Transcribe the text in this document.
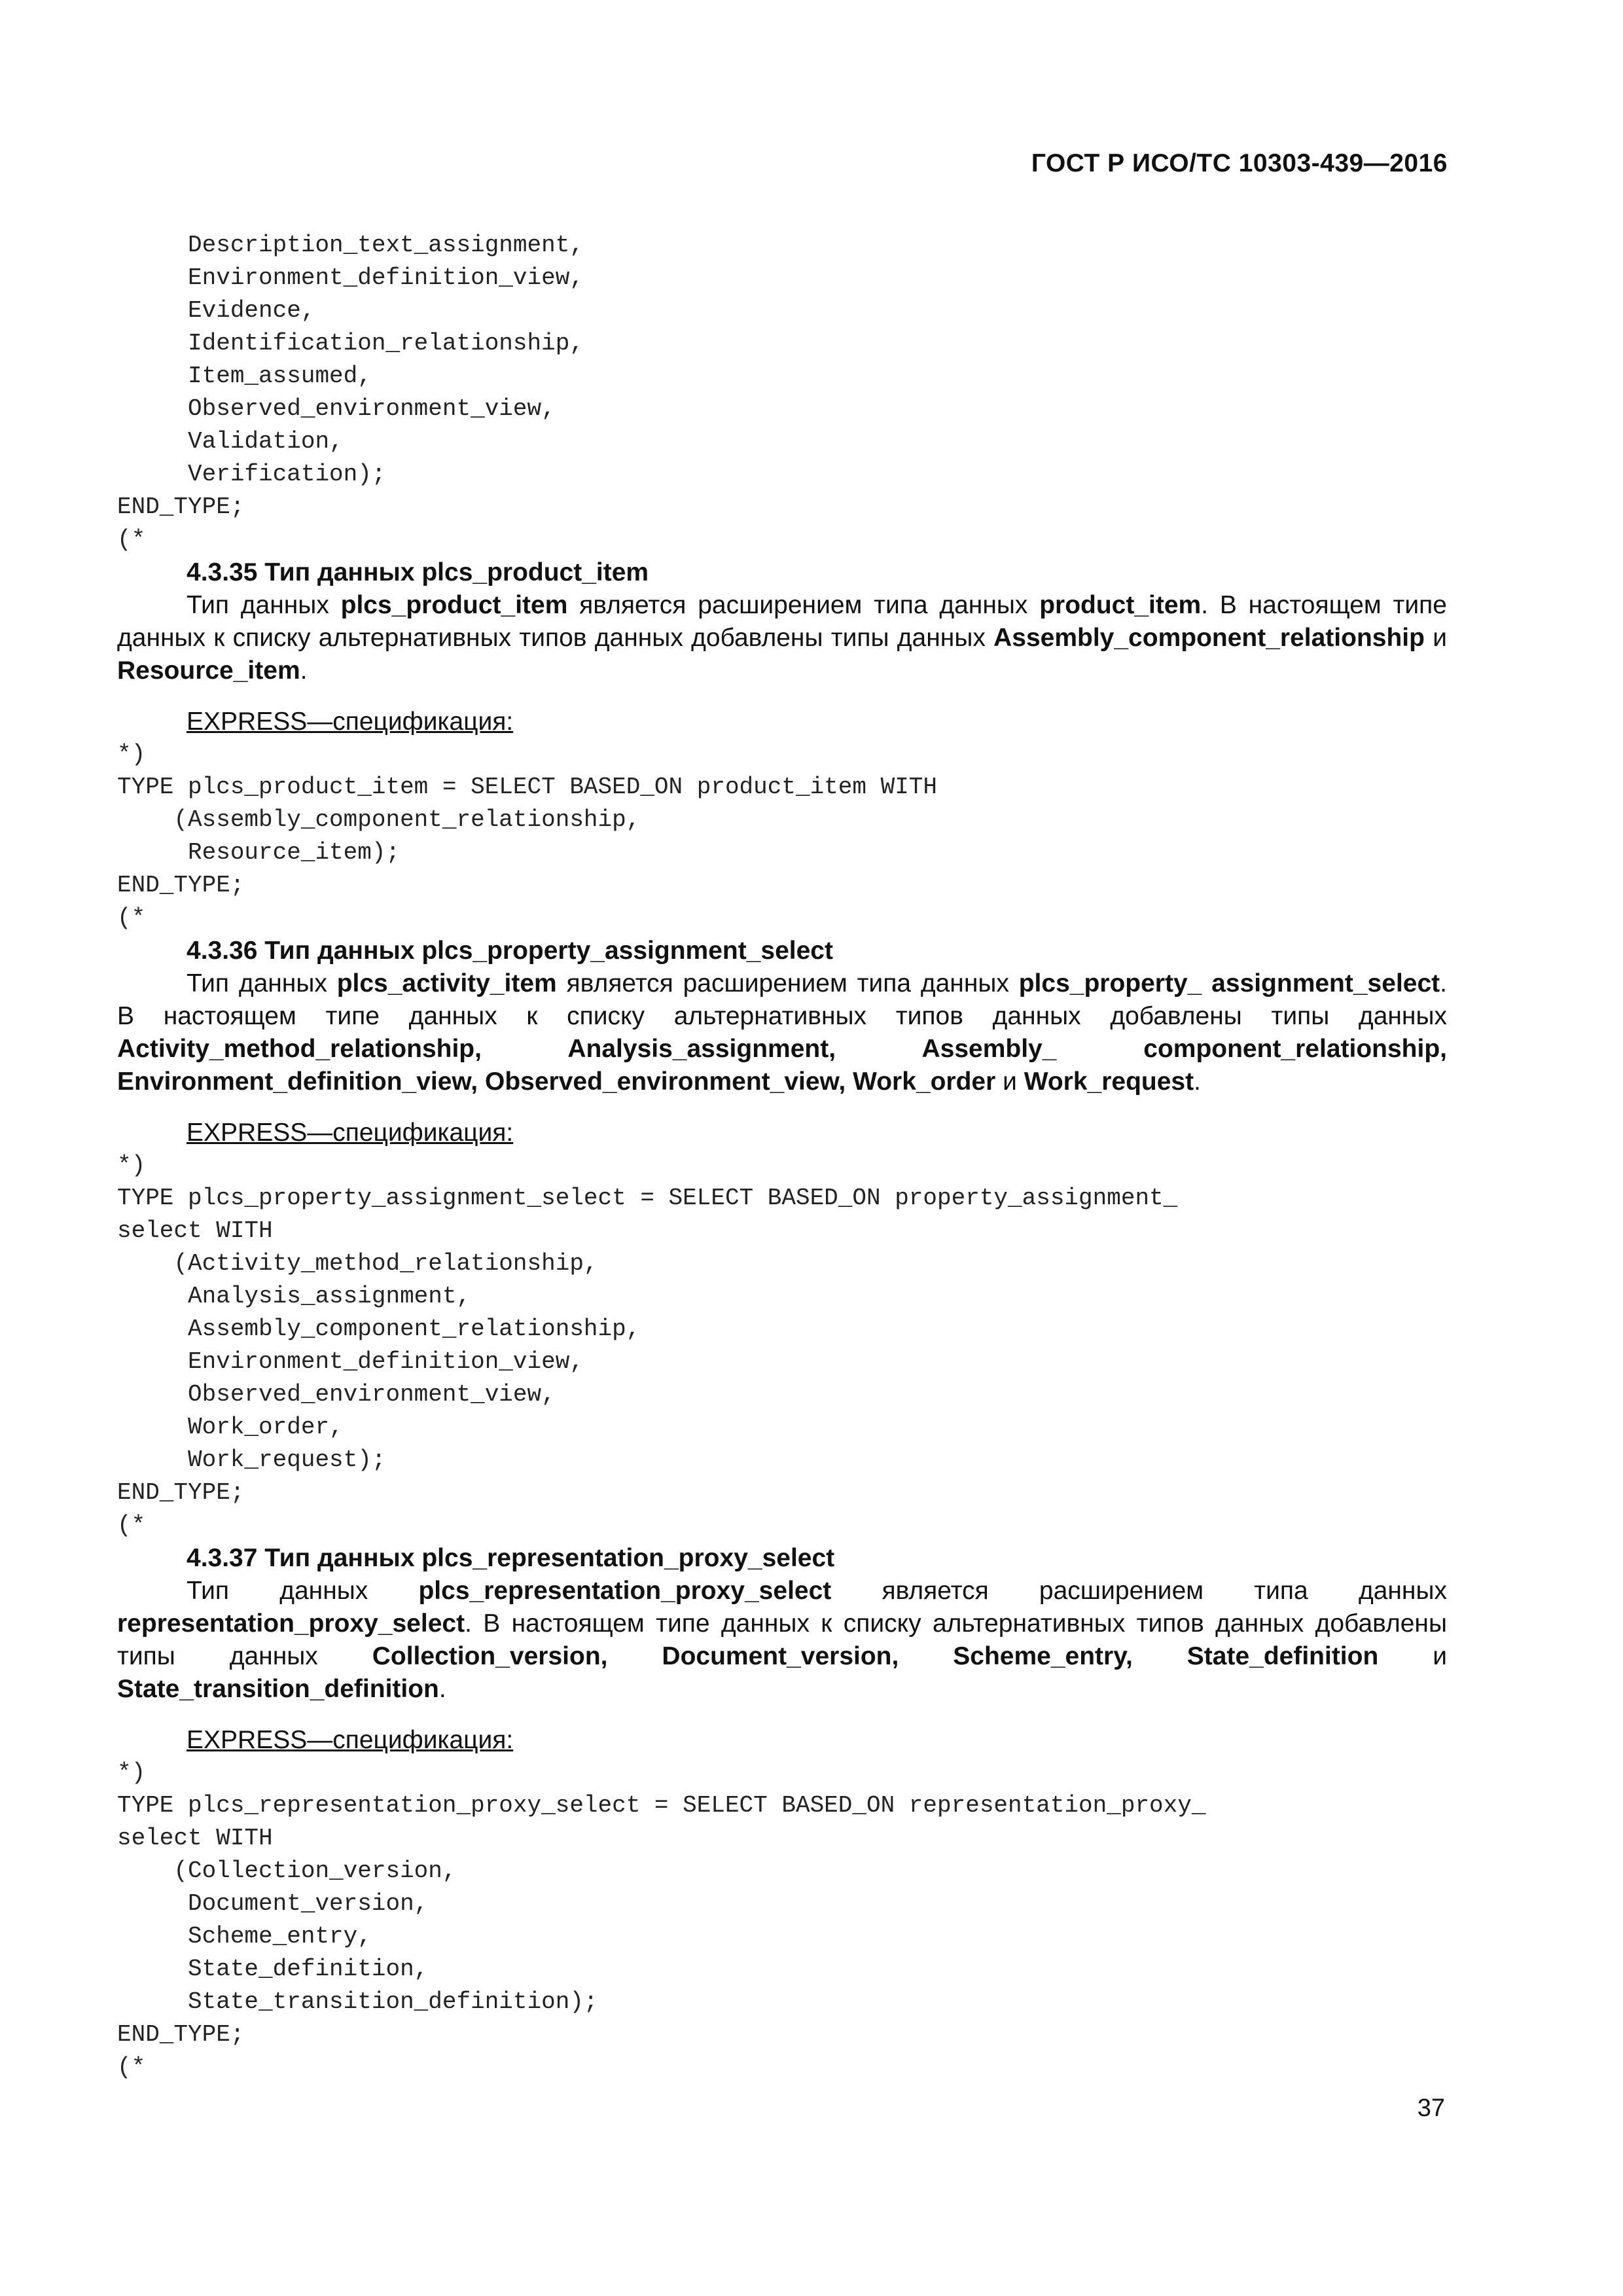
ГОСТ Р ИСО/ТС 10303-439—2016
Description_text_assignment,
Environment_definition_view,
Evidence,
Identification_relationship,
Item_assumed,
Observed_environment_view,
Validation,
Verification);
END_TYPE;
(*
4.3.35 Тип данных plcs_product_item
Тип данных plcs_product_item является расширением типа данных product_item. В настоящем типе данных к списку альтернативных типов данных добавлены типы данных Assembly_component_relationship и Resource_item.
EXPRESS—спецификация:
*)
TYPE plcs_product_item = SELECT BASED_ON product_item WITH
(Assembly_component_relationship,
Resource_item);
END_TYPE;
(*
4.3.36 Тип данных plcs_property_assignment_select
Тип данных plcs_activity_item является расширением типа данных plcs_property_ assignment_select. В настоящем типе данных к списку альтернативных типов данных добавлены типы данных Activity_method_relationship, Analysis_assignment, Assembly_ component_relationship, Environment_definition_view, Observed_environment_view, Work_order и Work_request.
EXPRESS—спецификация:
*)
TYPE plcs_property_assignment_select = SELECT BASED_ON property_assignment_
select WITH
(Activity_method_relationship,
Analysis_assignment,
Assembly_component_relationship,
Environment_definition_view,
Observed_environment_view,
Work_order,
Work_request);
END_TYPE;
(*
4.3.37 Тип данных plcs_representation_proxy_select
Тип данных plcs_representation_proxy_select является расширением типа данных representation_proxy_select. В настоящем типе данных к списку альтернативных типов данных добавлены типы данных Collection_version, Document_version, Scheme_entry, State_definition и State_transition_definition.
EXPRESS—спецификация:
*)
TYPE plcs_representation_proxy_select = SELECT BASED_ON representation_proxy_
select WITH
(Collection_version,
Document_version,
Scheme_entry,
State_definition,
State_transition_definition);
END_TYPE;
(*
37
